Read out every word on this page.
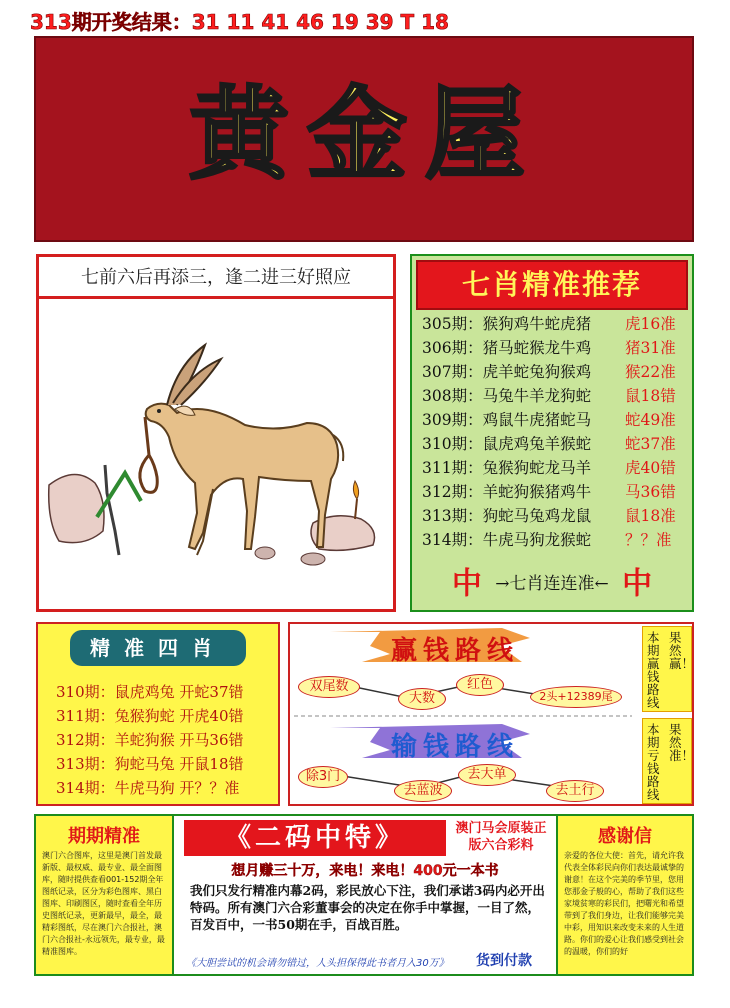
313期开奖结果：31 11 41 46 19 39 T 18
黄金屋
七前六后再添三，逢二进三好照应	七肖精准推荐
305期：猴狗鸡牛蛇虎猪 虎16准
306期：猪马蛇猴龙牛鸡 猪31准
307期：虎羊蛇兔狗猴鸡 猴22准
308期：马兔牛羊龙狗蛇 鼠18错
309期：鸡鼠牛虎猪蛇马 蛇49准
310期：鼠虎鸡兔羊猴蛇 蛇37准
311期：兔猴狗蛇龙马羊 虎40错
312期：羊蛇狗猴猪鸡牛 马36错
313期：狗蛇马兔鸡龙鼠 鼠18准
314期：牛虎马狗龙猴蛇 ？？准
中 →七肖连连准← 中
精准四肖
310期：鼠虎鸡兔 开蛇37错
311期：兔猴狗蛇 开虎40错
312期：羊蛇狗猴 开马36错
313期：狗蛇马兔 开鼠18错
314期：牛虎马狗 开？？准
赢钱路线
双尾数
大数
红色
2头+12389尾
本期赢钱路线
果然赢！
输钱路线
除3门
去蓝波
去大单
去土行
本期亏钱路线
果然准！
期期精准
澳门六合图库，这里是澳门首发最新版、最权威、最专业、最全面图库，随时提供查看001-152期全年图纸记录，区分为彩色图库、黑白图库、印刷图区，随时查看全年历史图纸记录，更新最早，最全，最精彩图纸，尽在澳门六合报社，澳门六合报社-永远领先，最专业，最精准图库。
《二码中特》	澳门马会原装正版六合彩料
想月赚三十万，来电！来电！400元一本书
我们只发行精准内幕2码，彩民放心下注，我们承诺3码内必开出特码。所有澳门六合彩董事会的决定在你手中掌握，一目了然，百发百中，一书50期在手，百战百胜。
《大胆尝试的机会请勿错过，人头担保得此书者月入30万》	货到付款
感谢信
亲爱的各位大使：首先，请允许我代表全体彩民向你们表达最诚挚的谢意！在这个完美的季节里，您用您那金子般的心，帮助了我们这些家境贫寒的彩民们，把曙光和希望带到了我们身边，让我们能够完美中彩，用知识来改变未来的人生道路。你们的爱心让我们感受到社会的温暖，你们的好
